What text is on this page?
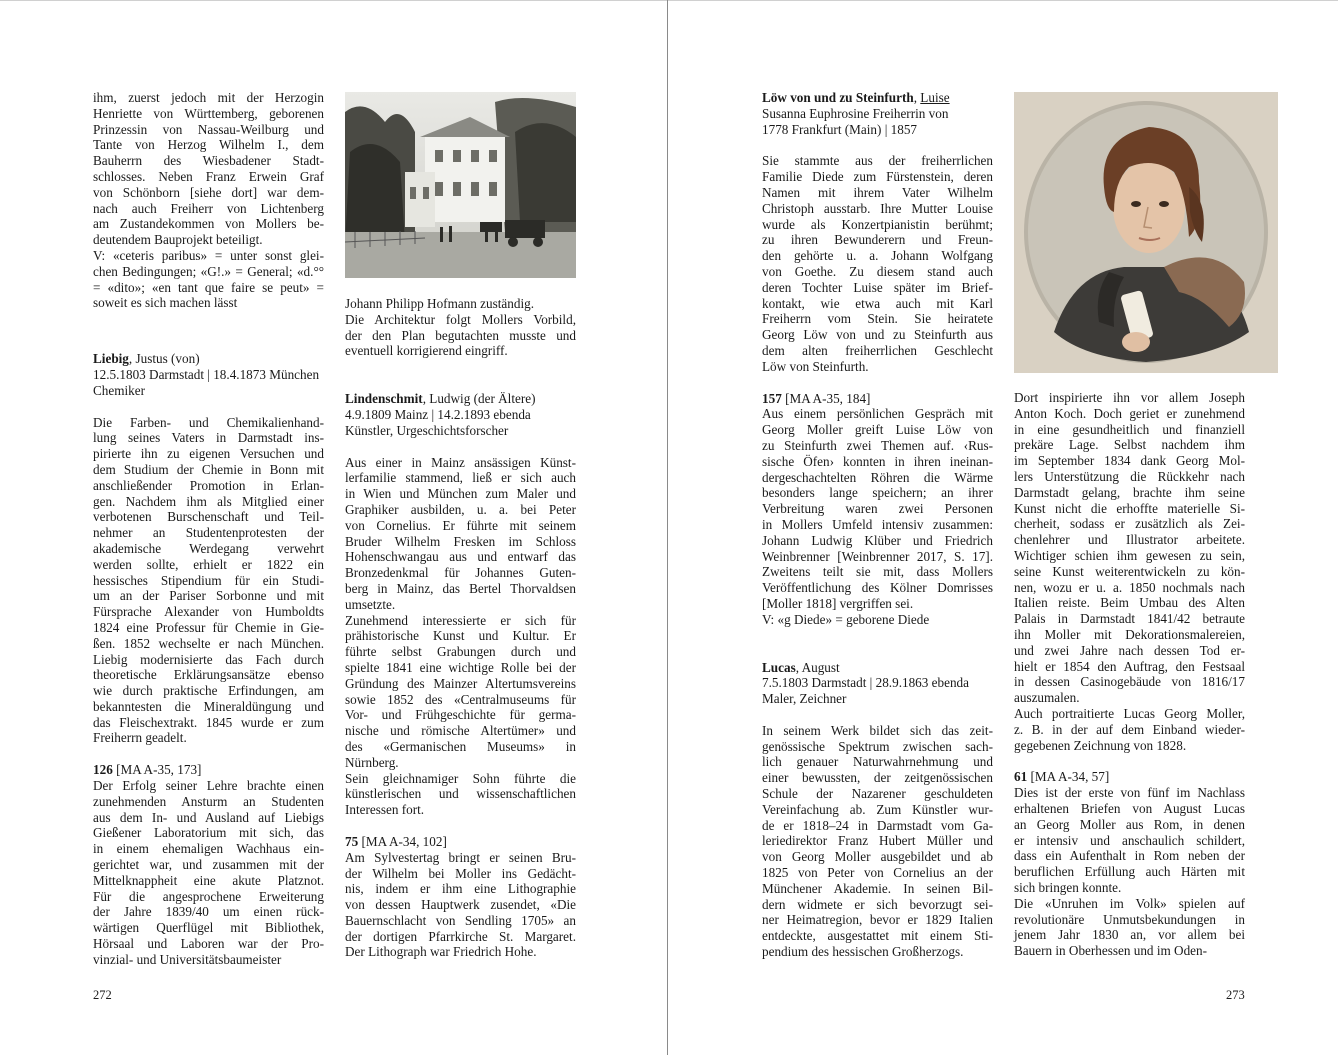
ihm, zuerst jedoch mit der Herzogin
Henriette von Württemberg, geborenen
Prinzessin von Nassau-Weilburg und
Tante von Herzog Wilhelm I., dem
Bauherrn des Wiesbadener Stadt-
schlosses. Neben Franz Erwein Graf
von Schönborn [siehe dort] war dem-
nach auch Freiherr von Lichtenberg
am Zustandekommen von Mollers be-
deutendem Bauprojekt beteiligt.
V: «ceteris paribus» = unter sonst glei-
chen Bedingungen; «G!.» = General; «d.°°
= «dito»; «en tant que faire se peut» =
soweit es sich machen lässt

Liebig, Justus (von)

12.5.1803 Darmstadt | 18.4.1873 München

Chemiker

Die Farben- und Chemikalienhand-
lung seines Vaters in Darmstadt ins-
pirierte ihn zu eigenen Versuchen und
dem Studium der Chemie in Bonn mit
anschließender Promotion in Erlan-
gen. Nachdem ihm als Mitglied einer
verbotenen Burschenschaft und Teil-
nehmer an Studentenprotesten der
akademische Werdegang verwehrt
werden sollte, erhielt er 1822 ein
hessisches Stipendium für ein Studi-
um an der Pariser Sorbonne und mit
Fürsprache Alexander von Humboldts
1824 eine Professur für Chemie in Gie-
ßen. 1852 wechselte er nach München.
Liebig modernisierte das Fach durch
theoretische Erklärungsansätze ebenso
wie durch praktische Erfindungen, am
bekanntesten die Mineraldüngung und
das Fleischextrakt. 1845 wurde er zum
Freiherrn geadelt.

126 [MA A-35, 173]

Der Erfolg seiner Lehre brachte einen
zunehmenden Ansturm an Studenten
aus dem In- und Ausland auf Liebigs
Gießener Laboratorium mit sich, das
in einem ehemaligen Wachhaus ein-
gerichtet war, und zusammen mit der
Mittelknappheit eine akute Platznot.
Für die angesprochene Erweiterung
der Jahre 1839/40 um einen rück-
wärtigen Querflügel mit Bibliothek,
Hörsaal und Laboren war der Pro-
vinzial- und Universitätsbaumeister
Johann Philipp Hofmann zuständig.
Die Architektur folgt Mollers Vorbild,
der den Plan begutachten musste und
eventuell korrigierend eingriff.

Lindenschmit, Ludwig (der Ältere)

4.9.1809 Mainz | 14.2.1893 ebenda

Künstler, Urgeschichtsforscher

Aus einer in Mainz ansässigen Künst-
lerfamilie stammend, ließ er sich auch
in Wien und München zum Maler und
Graphiker ausbilden, u. a. bei Peter
von Cornelius. Er führte mit seinem
Bruder Wilhelm Fresken im Schloss
Hohenschwangau aus und entwarf das
Bronzedenkmal für Johannes Guten-
berg in Mainz, das Bertel Thorvaldsen
umsetzte.
Zunehmend interessierte er sich für
prähistorische Kunst und Kultur. Er
führte selbst Grabungen durch und
spielte 1841 eine wichtige Rolle bei der
Gründung des Mainzer Altertumsvereins
sowie 1852 des «Centralmuseums für
Vor- und Frühgeschichte für germa-
nische und römische Altertümer» und
des «Germanischen Museums» in
Nürnberg.
Sein gleichnamiger Sohn führte die
künstlerischen und wissenschaftlichen
Interessen fort.

75 [MA A-34, 102]

Am Sylvestertag bringt er seinen Bru-
der Wilhelm bei Moller ins Gedächt-
nis, indem er ihm eine Lithographie
von dessen Hauptwerk zusendet, «Die
Bauernschlacht von Sendling 1705» an
der dortigen Pfarrkirche St. Margaret.
Der Lithograph war Friedrich Hohe.
272

Löw von und zu Steinfurth, Luise

Susanna Euphrosine Freiherrin von

1778 Frankfurt (Main) | 1857

Sie stammte aus der freiherrlichen
Familie Diede zum Fürstenstein, deren
Namen mit ihrem Vater Wilhelm
Christoph ausstarb. Ihre Mutter Louise
wurde als Konzertpianistin berühmt;
zu ihren Bewunderern und Freun-
den gehörte u. a. Johann Wolfgang
von Goethe. Zu diesem stand auch
deren Tochter Luise später im Brief-
kontakt, wie etwa auch mit Karl
Freiherrn vom Stein. Sie heiratete
Georg Löw von und zu Steinfurth aus
dem alten freiherrlichen Geschlecht
Löw von Steinfurth.

157 [MA A-35, 184]

Aus einem persönlichen Gespräch mit
Georg Moller greift Luise Löw von
zu Steinfurth zwei Themen auf. ‹Rus-
sische Öfen› konnten in ihren ineinan-
dergeschachtelten Röhren die Wärme
besonders lange speichern; an ihrer
Verbreitung waren zwei Personen
in Mollers Umfeld intensiv zusammen:
Johann Ludwig Klüber und Friedrich
Weinbrenner [Weinbrenner 2017, S. 17].
Zweitens teilt sie mit, dass Mollers
Veröffentlichung des Kölner Domrisses
[Moller 1818] vergriffen sei.
V: «g Diede» = geborene Diede

Lucas, August

7.5.1803 Darmstadt | 28.9.1863 ebenda

Maler, Zeichner

In seinem Werk bildet sich das zeit-
genössische Spektrum zwischen sach-
lich genauer Naturwahrnehmung und
einer bewussten, der zeitgenössischen
Schule der Nazarener geschuldeten
Vereinfachung ab. Zum Künstler wur-
de er 1818–24 in Darmstadt vom Ga-
leriedirektor Franz Hubert Müller und
von Georg Moller ausgebildet und ab
1825 von Peter von Cornelius an der
Münchener Akademie. In seinen Bil-
dern widmete er sich bevorzugt sei-
ner Heimatregion, bevor er 1829 Italien
entdeckte, ausgestattet mit einem Sti-
pendium des hessischen Großherzogs.
Dort inspirierte ihn vor allem Joseph
Anton Koch. Doch geriet er zunehmend
in eine gesundheitlich und finanziell
prekäre Lage. Selbst nachdem ihm
im September 1834 dank Georg Mol-
lers Unterstützung die Rückkehr nach
Darmstadt gelang, brachte ihm seine
Kunst nicht die erhoffte materielle Si-
cherheit, sodass er zusätzlich als Zei-
chenlehrer und Illustrator arbeitete.
Wichtiger schien ihm gewesen zu sein,
seine Kunst weiterentwickeln zu kön-
nen, wozu er u. a. 1850 nochmals nach
Italien reiste. Beim Umbau des Alten
Palais in Darmstadt 1841/42 betraute
ihn Moller mit Dekorationsmalereien,
und zwei Jahre nach dessen Tod er-
hielt er 1854 den Auftrag, den Festsaal
in dessen Casinogebäude von 1816/17
auszumalen.
Auch portraitierte Lucas Georg Moller,
z. B. in der auf dem Einband wieder-
gegebenen Zeichnung von 1828.

61 [MA A-34, 57]

Dies ist der erste von fünf im Nachlass
erhaltenen Briefen von August Lucas
an Georg Moller aus Rom, in denen
er intensiv und anschaulich schildert,
dass ein Aufenthalt in Rom neben der
beruflichen Erfüllung auch Härten mit
sich bringen konnte.
Die «Unruhen im Volk» spielen auf
revolutionäre Unmutsbekundungen in
jenem Jahr 1830 an, vor allem bei
Bauern in Oberhessen und im Oden-
273
